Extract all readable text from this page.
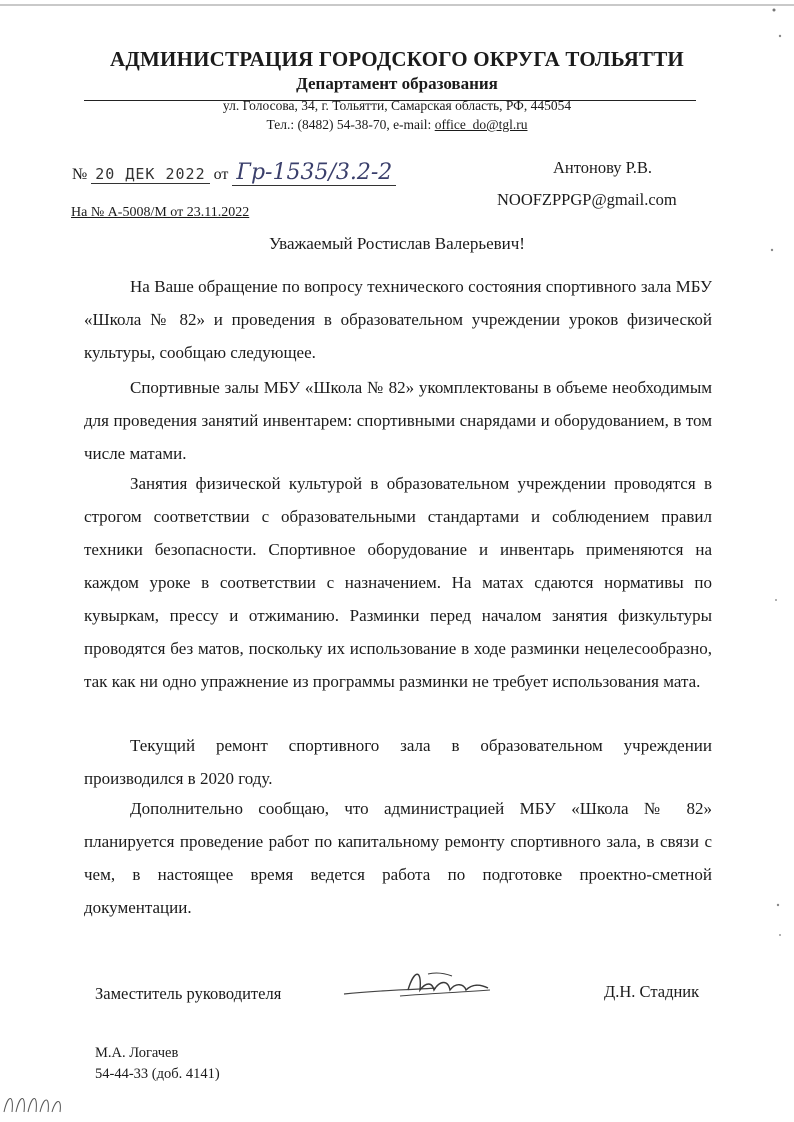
АДМИНИСТРАЦИЯ ГОРОДСКОГО ОКРУГА ТОЛЬЯТТИ
Департамент образования
ул. Голосова, 34, г. Тольятти, Самарская область, РФ, 445054
Тел.: (8482) 54-38-70, e-mail: office_do@tgl.ru
№ 20 ДЕК 2022 от Гр-1535/3.2-2
На № А-5008/М от 23.11.2022
Антонову Р.В.
NOOFZPPGP@gmail.com
Уважаемый Ростислав Валерьевич!
На Ваше обращение по вопросу технического состояния спортивного зала МБУ «Школа № 82» и проведения в образовательном учреждении уроков физической культуры, сообщаю следующее.
Спортивные залы МБУ «Школа № 82» укомплектованы в объеме необходимым для проведения занятий инвентарем: спортивными снарядами и оборудованием, в том числе матами.
Занятия физической культурой в образовательном учреждении проводятся в строгом соответствии с образовательными стандартами и соблюдением правил техники безопасности. Спортивное оборудование и инвентарь применяются на каждом уроке в соответствии с назначением. На матах сдаются нормативы по кувыркам, прессу и отжиманию. Разминки перед началом занятия физкультуры проводятся без матов, поскольку их использование в ходе разминки нецелесообразно, так как ни одно упражнение из программы разминки не требует использования мата.
Текущий ремонт спортивного зала в образовательном учреждении производился в 2020 году.
Дополнительно сообщаю, что администрацией МБУ «Школа № 82» планируется проведение работ по капитальному ремонту спортивного зала, в связи с чем, в настоящее время ведется работа по подготовке проектно-сметной документации.
Заместитель руководителя	Д.Н. Стадник
М.А. Логачев
54-44-33 (доб. 4141)
